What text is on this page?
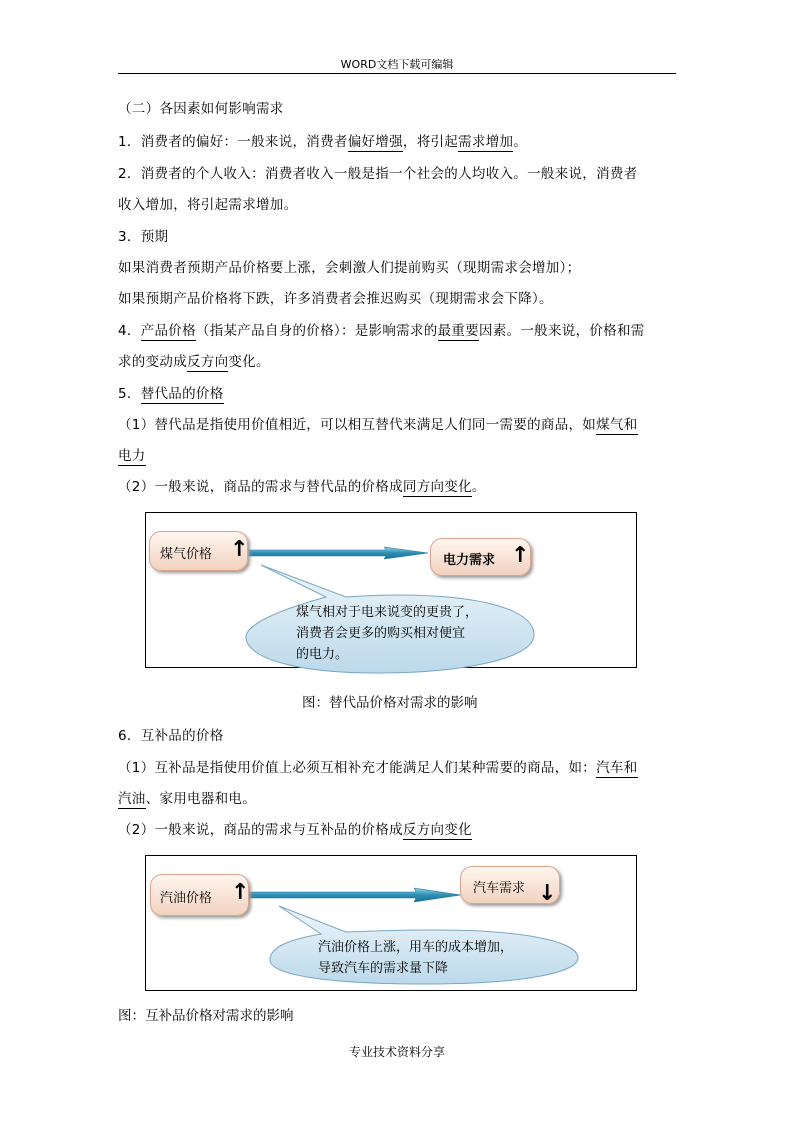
WORD文档下载可编辑
（二）各因素如何影响需求
1．消费者的偏好：一般来说，消费者偏好增强，将引起需求增加。
2．消费者的个人收入：消费者收入一般是指一个社会的人均收入。一般来说，消费者
收入增加，将引起需求增加。
3．预期
如果消费者预期产品价格要上涨，会刺激人们提前购买（现期需求会增加）；
如果预期产品价格将下跌，许多消费者会推迟购买（现期需求会下降）。
4．产品价格（指某产品自身的价格）：是影响需求的最重要因素。一般来说，价格和需
求的变动成反方向变化。
5．替代品的价格
（1）替代品是指使用价值相近，可以相互替代来满足人们同一需要的商品，如煤气和
电力
（2）一般来说，商品的需求与替代品的价格成同方向变化。
煤气价格 ↑	电力需求 ↑
煤气相对于电来说变的更贵了，
消费者会更多的购买相对便宜
的电力。
图：替代品价格对需求的影响
6．互补品的价格
（1）互补品是指使用价值上必须互相补充才能满足人们某种需要的商品，如：汽车和
汽油、家用电器和电。
（2）一般来说，商品的需求与互补品的价格成反方向变化
汽油价格 ↑	汽车需求 ↓
汽油价格上涨，用车的成本增加，
导致汽车的需求量下降
图：互补品价格对需求的影响
专业技术资料分享
